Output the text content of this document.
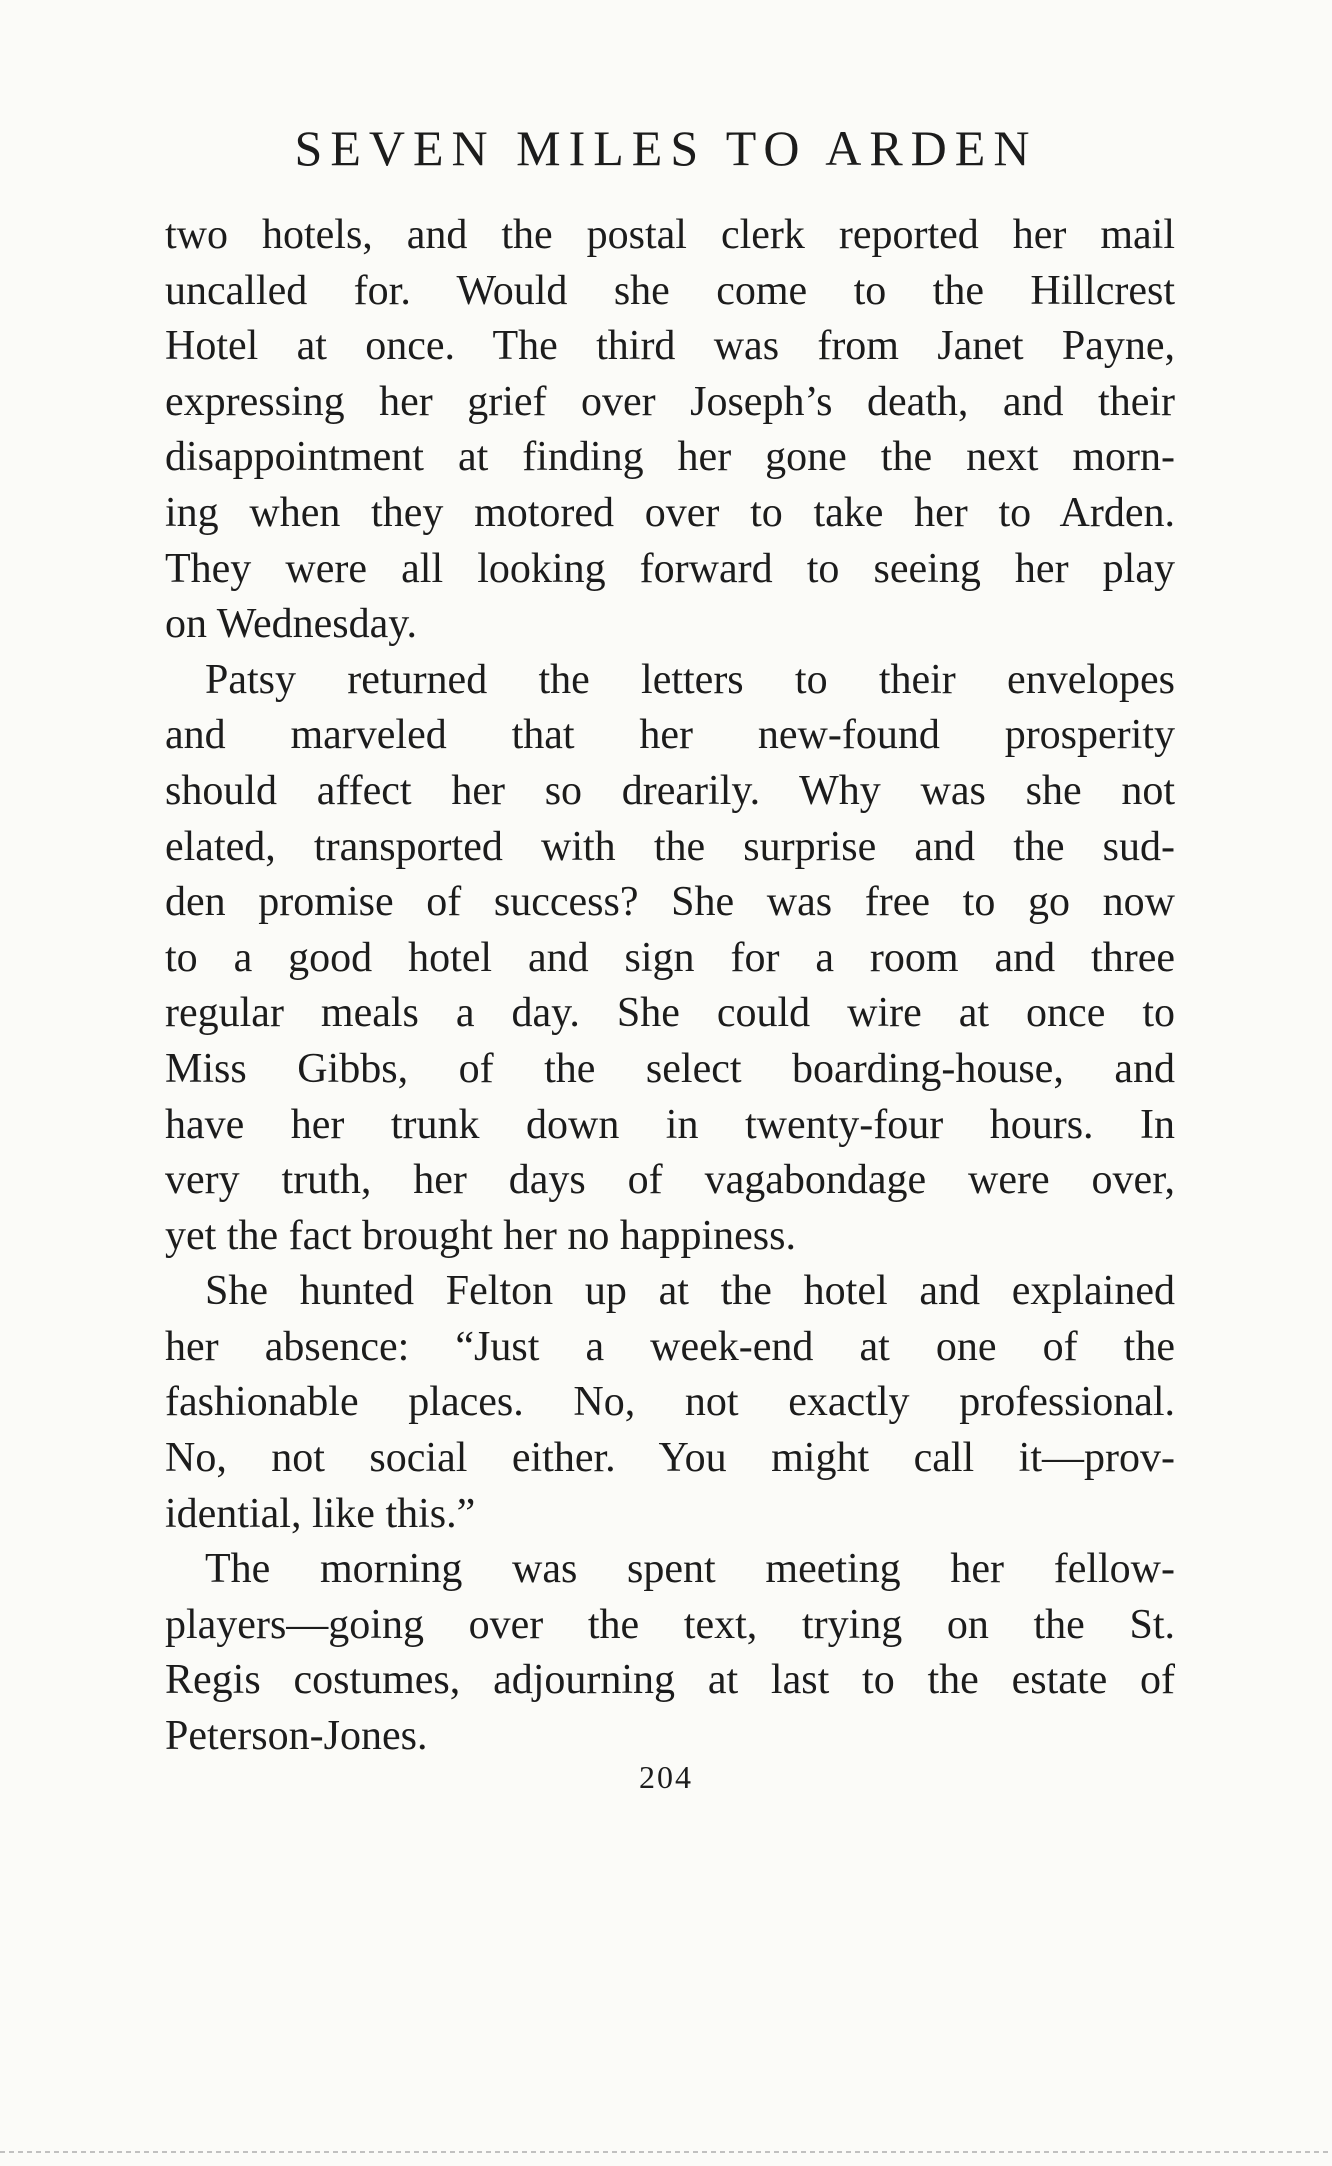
SEVEN MILES TO ARDEN
two hotels, and the postal clerk reported her mail
uncalled for. Would she come to the Hillcrest
Hotel at once. The third was from Janet Payne,
expressing her grief over Joseph’s death, and their
disappointment at finding her gone the next morn-
ing when they motored over to take her to Arden.
They were all looking forward to seeing her play
on Wednesday.
Patsy returned the letters to their envelopes
and marveled that her new-found prosperity
should affect her so drearily. Why was she not
elated, transported with the surprise and the sud-
den promise of success? She was free to go now
to a good hotel and sign for a room and three
regular meals a day. She could wire at once to
Miss Gibbs, of the select boarding-house, and
have her trunk down in twenty-four hours. In
very truth, her days of vagabondage were over,
yet the fact brought her no happiness.
She hunted Felton up at the hotel and explained
her absence: “Just a week-end at one of the
fashionable places. No, not exactly professional.
No, not social either. You might call it—prov-
idential, like this.”
The morning was spent meeting her fellow-
players—going over the text, trying on the St.
Regis costumes, adjourning at last to the estate of
Peterson-Jones.
204
